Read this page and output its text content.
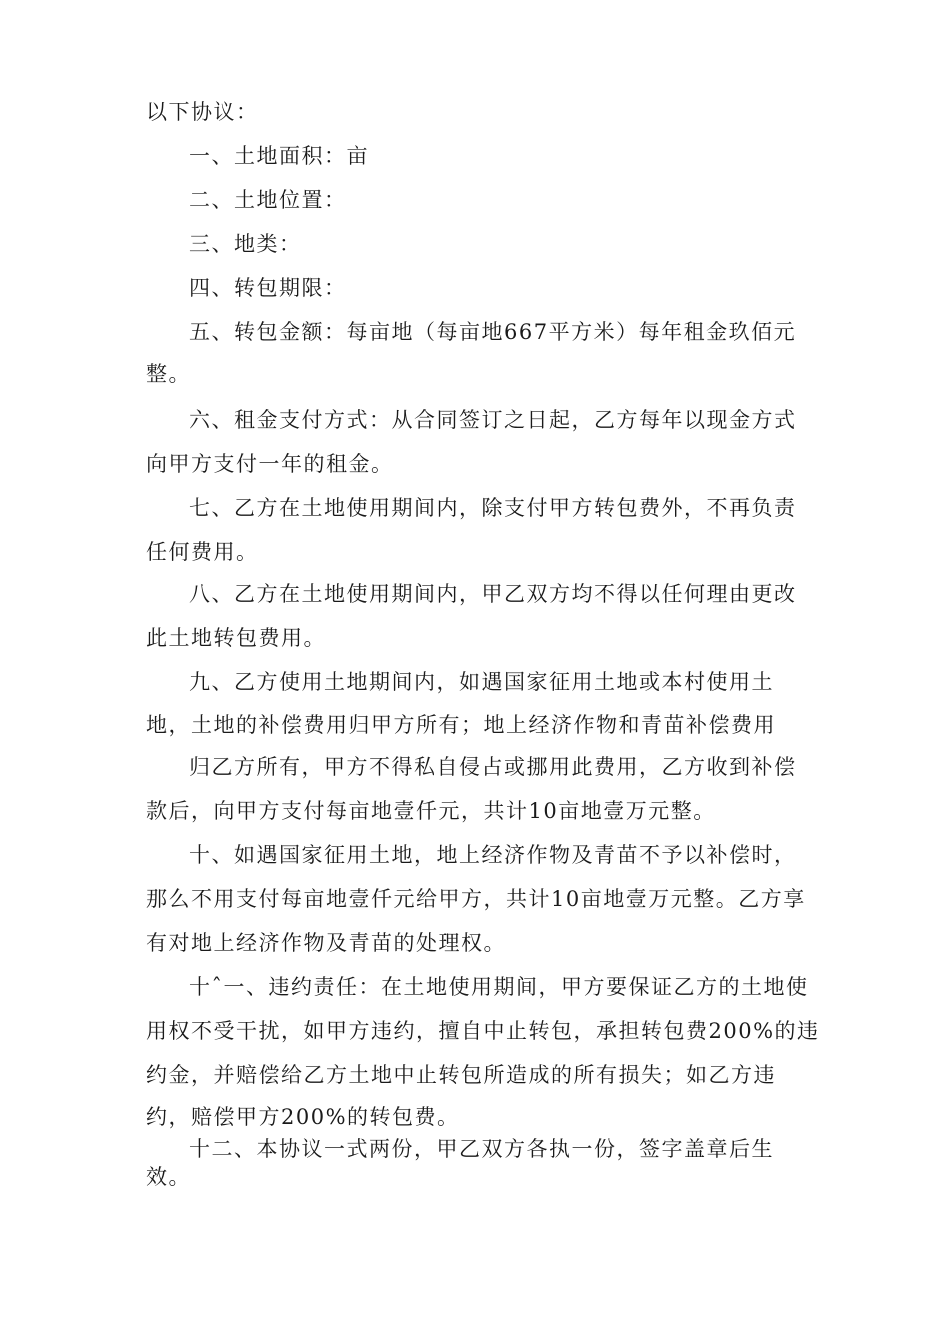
以下协议：
一、土地面积：亩
二、土地位置：
三、地类：
四、转包期限：
五、转包金额：每亩地（每亩地667平方米）每年租金玖佰元
整。
六、租金支付方式：从合同签订之日起，乙方每年以现金方式
向甲方支付一年的租金。
七、乙方在土地使用期间内，除支付甲方转包费外，不再负责
任何费用。
八、乙方在土地使用期间内，甲乙双方均不得以任何理由更改
此土地转包费用。
九、乙方使用土地期间内，如遇国家征用土地或本村使用土
地，土地的补偿费用归甲方所有；地上经济作物和青苗补偿费用
归乙方所有，甲方不得私自侵占或挪用此费用，乙方收到补偿
款后，向甲方支付每亩地壹仟元，共计10亩地壹万元整。
十、如遇国家征用土地，地上经济作物及青苗不予以补偿时，
那么不用支付每亩地壹仟元给甲方，共计10亩地壹万元整。乙方享
有对地上经济作物及青苗的处理权。
十ˆ一、违约责任：在土地使用期间，甲方要保证乙方的土地使
用权不受干扰，如甲方违约，擅自中止转包，承担转包费200%的违
约金，并赔偿给乙方土地中止转包所造成的所有损失；如乙方违
约，赔偿甲方200%的转包费。
十二、本协议一式两份，甲乙双方各执一份，签字盖章后生
效。
